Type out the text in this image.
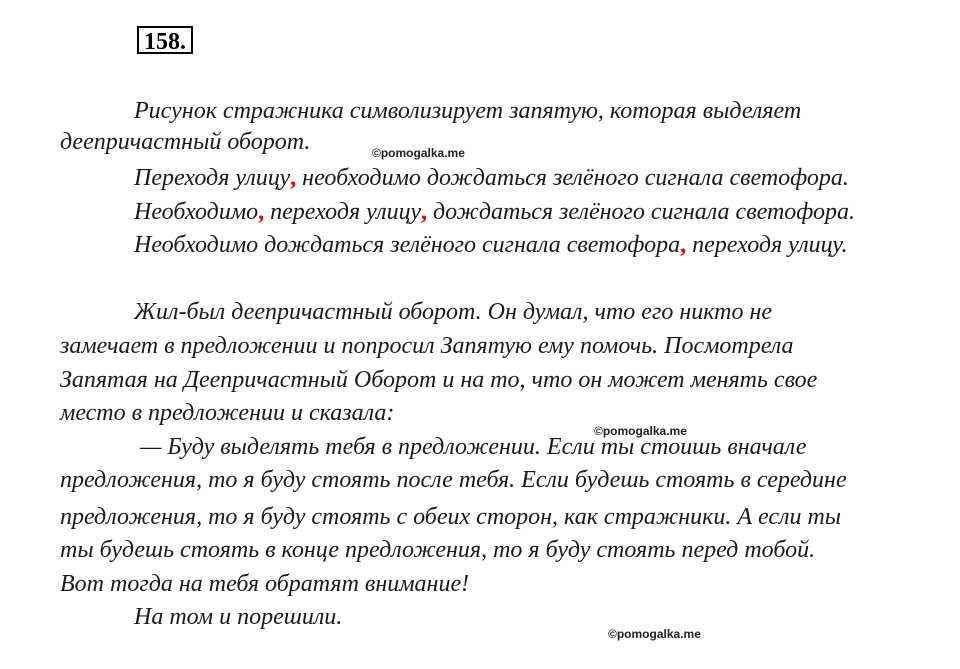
158.
Рисунок стражника символизирует запятую, которая выделяет
деепричастный оборот.	©pomogalka.me
Переходя улицу, необходимо дождаться зелёного сигнала светофора.
Необходимо, переходя улицу, дождаться зелёного сигнала светофора.
Необходимо дождаться зелёного сигнала светофора, переходя улицу.
Жил-был деепричастный оборот. Он думал, что его никто не
замечает в предложении и попросил Запятую ему помочь. Посмотрела
Запятая на Деепричастный Оборот и на то, что он может менять свое
место в предложении и сказала:
©pomogalka.me
— Буду выделять тебя в предложении. Если ты стоишь вначале
предложения, то я буду стоять после тебя. Если будешь стоять в середине
предложения, то я буду стоять с обеих сторон, как стражники. А если ты
ты будешь стоять в конце предложения, то я буду стоять перед тобой.
Вот тогда на тебя обратят внимание!
На том и порешили.
©pomogalka.me
